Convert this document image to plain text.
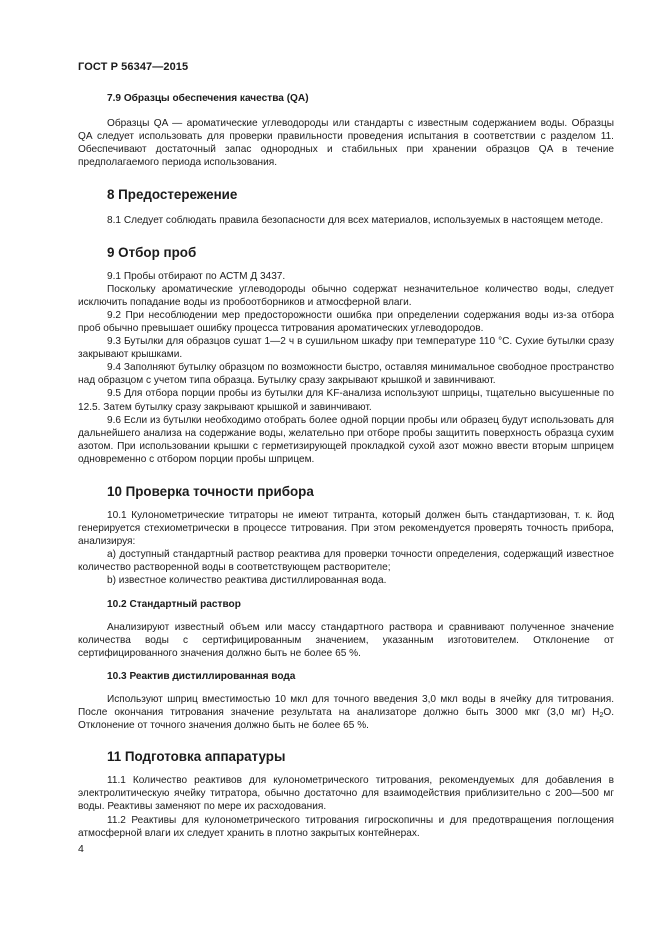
ГОСТ Р 56347—2015

7.9 Образцы обеспечения качества (QA)

Образцы QA — ароматические углеводороды или стандарты с известным содержанием воды. Образцы QA следует использовать для проверки правильности проведения испытания в соответствии с разделом 11. Обеспечивают достаточный запас однородных и стабильных при хранении образцов QA в течение предполагаемого периода использования.

8 Предостережение

8.1 Следует соблюдать правила безопасности для всех материалов, используемых в настоящем методе.

9 Отбор проб

9.1 Пробы отбирают по АСТМ Д 3437.

Поскольку ароматические углеводороды обычно содержат незначительное количество воды, следует исключить попадание воды из пробоотборников и атмосферной влаги.

9.2 При несоблюдении мер предосторожности ошибка при определении содержания воды из-за отбора проб обычно превышает ошибку процесса титрования ароматических углеводородов.

9.3 Бутылки для образцов сушат 1—2 ч в сушильном шкафу при температуре 110 °С. Сухие бутылки сразу закрывают крышками.

9.4 Заполняют бутылку образцом по возможности быстро, оставляя минимальное свободное пространство над образцом с учетом типа образца. Бутылку сразу закрывают крышкой и завинчивают.

9.5 Для отбора порции пробы из бутылки для KF-анализа используют шприцы, тщательно высушенные по 12.5. Затем бутылку сразу закрывают крышкой и завинчивают.

9.6 Если из бутылки необходимо отобрать более одной порции пробы или образец будут использовать для дальнейшего анализа на содержание воды, желательно при отборе пробы защитить поверхность образца сухим азотом. При использовании крышки с герметизирующей прокладкой сухой азот можно ввести вторым шприцем одновременно с отбором порции пробы шприцем.

10 Проверка точности прибора

10.1 Кулонометрические титраторы не имеют титранта, который должен быть стандартизован, т. к. йод генерируется стехиометрически в процессе титрования. При этом рекомендуется проверять точность прибора, анализируя:

а) доступный стандартный раствор реактива для проверки точности определения, содержащий известное количество растворенной воды в соответствующем растворителе;

b) известное количество реактива дистиллированная вода.

10.2 Стандартный раствор

Анализируют известный объем или массу стандартного раствора и сравнивают полученное значение количества воды с сертифицированным значением, указанным изготовителем. Отклонение от сертифицированного значения должно быть не более 65 %.

10.3 Реактив дистиллированная вода

Используют шприц вместимостью 10 мкл для точного введения 3,0 мкл воды в ячейку для титрования. После окончания титрования значение результата на анализаторе должно быть 3000 мкг (3,0 мг) $H_2O$. Отклонение от точного значения должно быть не более 65 %.

11 Подготовка аппаратуры

11.1 Количество реактивов для кулонометрического титрования, рекомендуемых для добавления в электролитическую ячейку титратора, обычно достаточно для взаимодействия приблизительно с 200—500 мг воды. Реактивы заменяют по мере их расходования.

11.2 Реактивы для кулонометрического титрования гигроскопичны и для предотвращения поглощения атмосферной влаги их следует хранить в плотно закрытых контейнерах.

4
